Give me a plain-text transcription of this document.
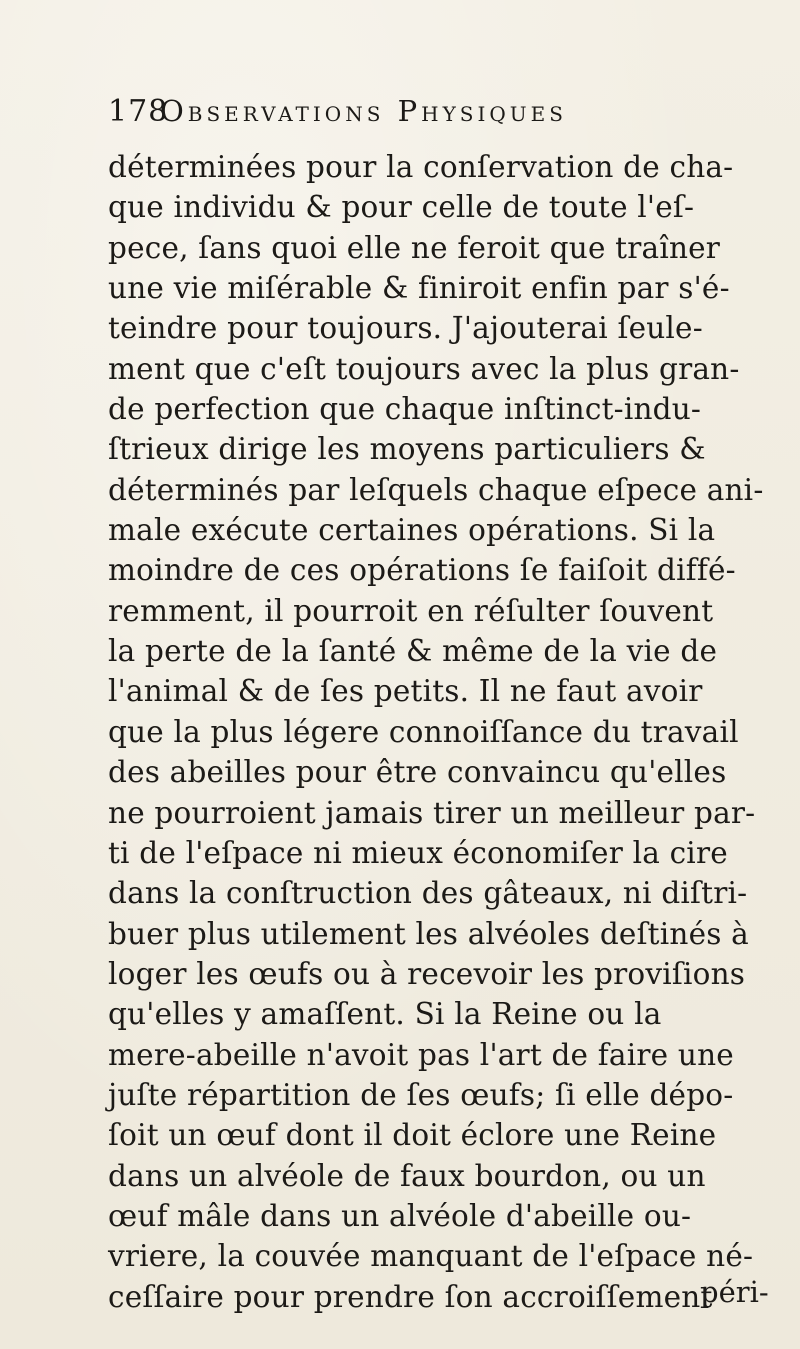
178
Observations Physiques
déterminées pour la conſervation de cha-
que individu & pour celle de toute l'eſ-
pece, ſans quoi elle ne feroit que traîner
une vie miſérable & finiroit enfin par s'é-
teindre pour toujours. J'ajouterai ſeule-
ment que c'eſt toujours avec la plus gran-
de perfection que chaque inſtinct-indu-
ſtrieux dirige les moyens particuliers &
déterminés par leſquels chaque eſpece ani-
male exécute certaines opérations. Si la
moindre de ces opérations ſe faiſoit diffé-
remment, il pourroit en réſulter ſouvent
la perte de la ſanté & même de la vie de
l'animal & de ſes petits. Il ne faut avoir
que la plus légere connoiſſance du travail
des abeilles pour être convaincu qu'elles
ne pourroient jamais tirer un meilleur par-
ti de l'eſpace ni mieux économiſer la cire
dans la conſtruction des gâteaux, ni diſtri-
buer plus utilement les alvéoles deſtinés à
loger les œufs ou à recevoir les proviſions
qu'elles y amaſſent. Si la Reine ou la
mere-abeille n'avoit pas l'art de faire une
juſte répartition de ſes œufs; ſi elle dépo-
ſoit un œuf dont il doit éclore une Reine
dans un alvéole de faux bourdon, ou un
œuf mâle dans un alvéole d'abeille ou-
vriere, la couvée manquant de l'eſpace né-
ceſſaire pour prendre ſon accroiſſement
péri-
